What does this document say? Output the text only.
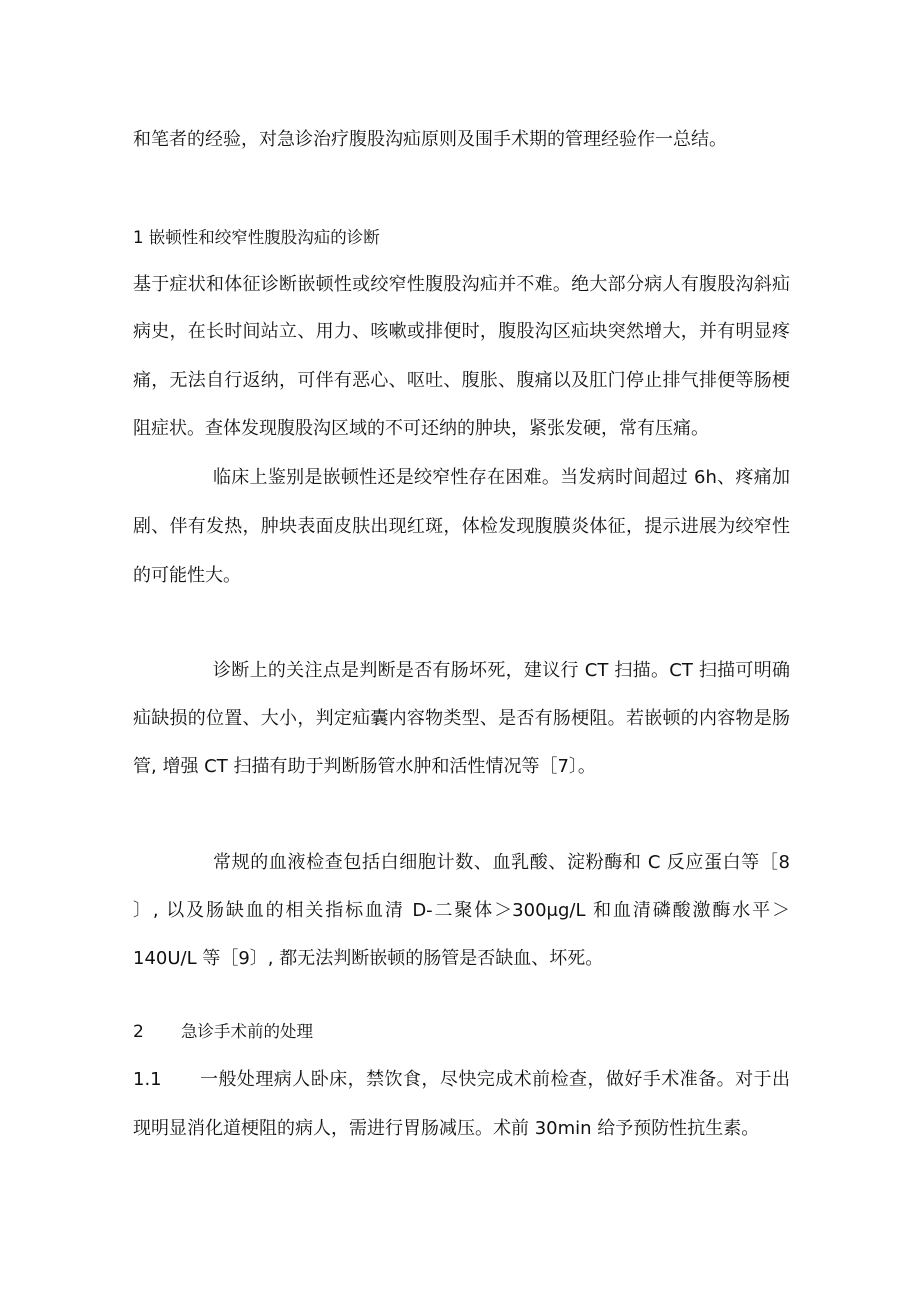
和笔者的经验，对急诊治疗腹股沟疝原则及围手术期的管理经验作一总结。
1 嵌顿性和绞窄性腹股沟疝的诊断
基于症状和体征诊断嵌顿性或绞窄性腹股沟疝并不难。绝大部分病人有腹股沟斜疝
病史，在长时间站立、用力、咳嗽或排便时，腹股沟区疝块突然增大，并有明显疼
痛，无法自行返纳，可伴有恶心、呕吐、腹胀、腹痛以及肛门停止排气排便等肠梗
阻症状。查体发现腹股沟区域的不可还纳的肿块，紧张发硬，常有压痛。
临床上鉴别是嵌顿性还是绞窄性存在困难。当发病时间超过 6h、疼痛加
剧、伴有发热，肿块表面皮肤出现红斑，体检发现腹膜炎体征，提示进展为绞窄性
的可能性大。
诊断上的关注点是判断是否有肠坏死，建议行 CT 扫描。CT 扫描可明确
疝缺损的位置、大小，判定疝囊内容物类型、是否有肠梗阻。若嵌顿的内容物是肠
管, 增强 CT 扫描有助于判断肠管水肿和活性情况等［7〕。
常规的血液检查包括白细胞计数、血乳酸、淀粉酶和 C 反应蛋白等［8
〕, 以及肠缺血的相关指标血清 D-二聚体＞300μg/L 和血清磷酸激酶水平＞
140U/L 等［9〕, 都无法判断嵌顿的肠管是否缺血、坏死。
2 急诊手术前的处理
1.1 一般处理病人卧床，禁饮食，尽快完成术前检查，做好手术准备。对于出
现明显消化道梗阻的病人，需进行胃肠减压。术前 30min 给予预防性抗生素。
